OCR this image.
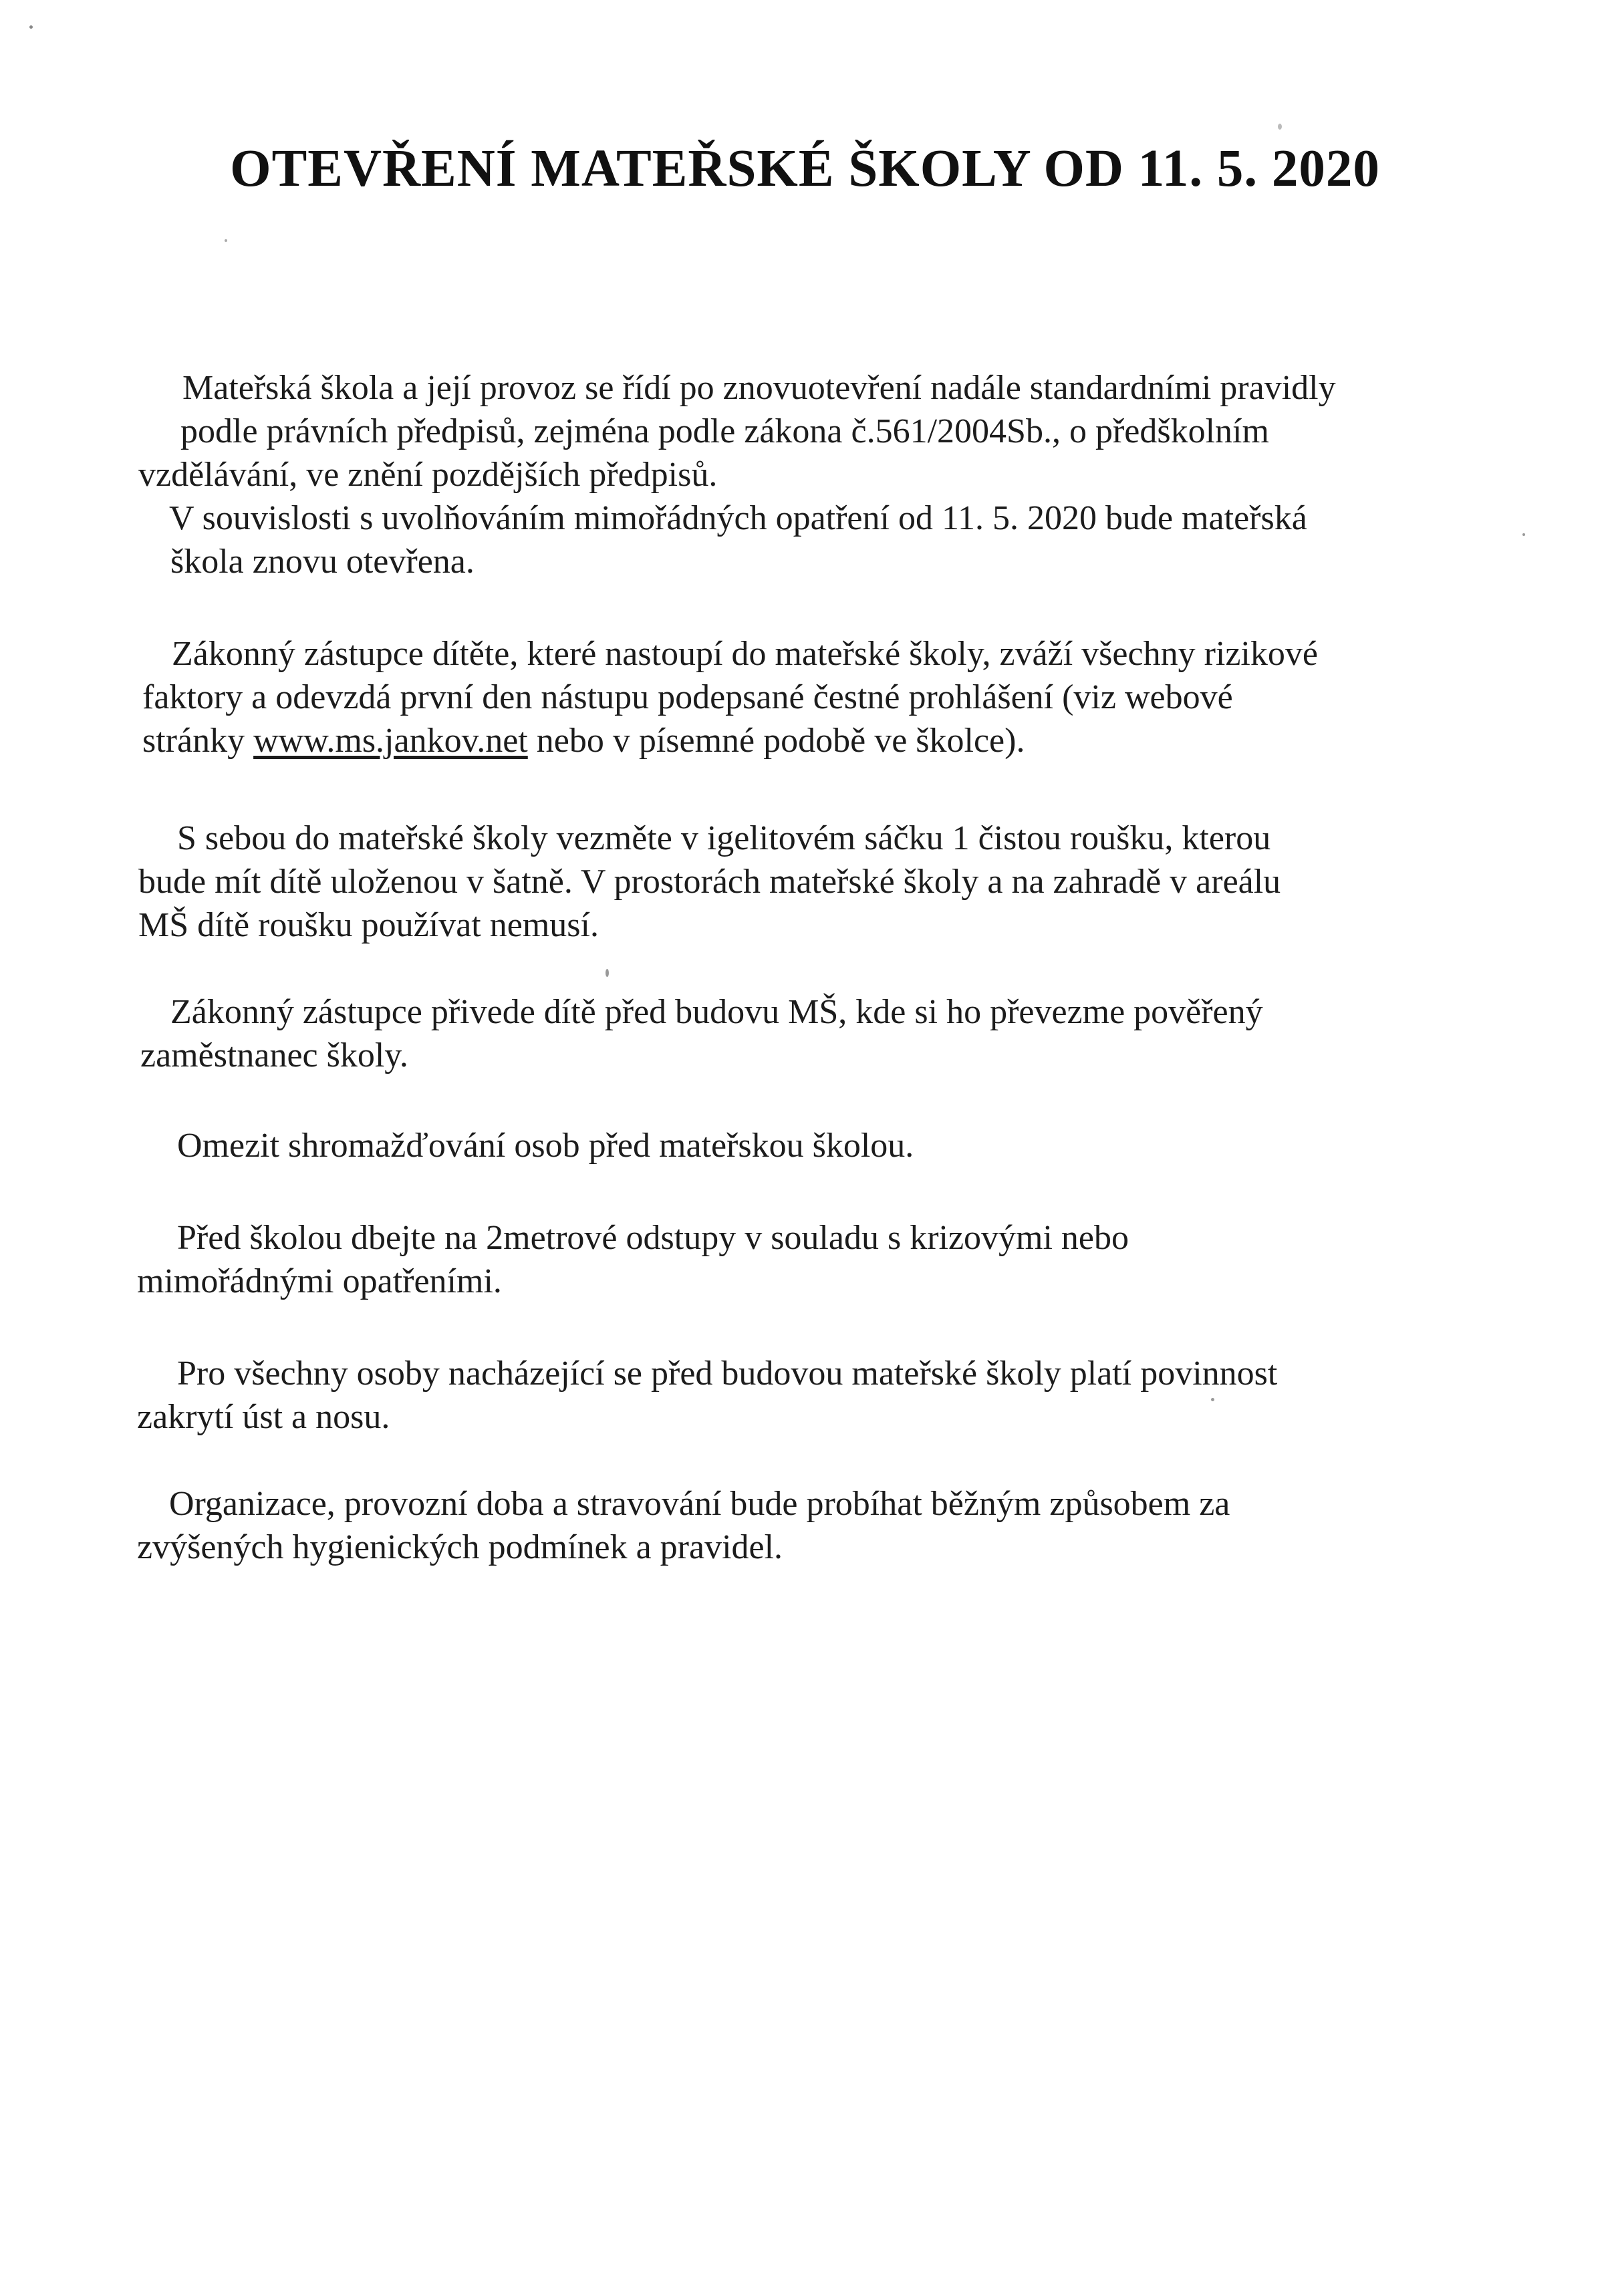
OTEVŘENÍ MATEŘSKÉ ŠKOLY OD 11. 5. 2020

Mateřská škola a její provoz se řídí po znovuotevření nadále standardními pravidly
podle právních předpisů, zejména podle zákona č.561/2004Sb., o předškolním
vzdělávání, ve znění pozdějších předpisů.
V souvislosti s uvolňováním mimořádných opatření od 11. 5. 2020 bude mateřská
škola znovu otevřena.

Zákonný zástupce dítěte, které nastoupí do mateřské školy, zváží všechny rizikové
faktory a odevzdá první den nástupu podepsané čestné prohlášení (viz webové
stránky www.ms.jankov.net nebo v písemné podobě ve školce).

S sebou do mateřské školy vezměte v igelitovém sáčku 1 čistou roušku, kterou
bude mít dítě uloženou v šatně. V prostorách mateřské školy a na zahradě v areálu
MŠ dítě roušku používat nemusí.

Zákonný zástupce přivede dítě před budovu MŠ, kde si ho převezme pověřený
zaměstnanec školy.

Omezit shromažďování osob před mateřskou školou.

Před školou dbejte na 2metrové odstupy v souladu s krizovými nebo
mimořádnými opatřeními.

Pro všechny osoby nacházející se před budovou mateřské školy platí povinnost
zakrytí úst a nosu.

Organizace, provozní doba a stravování bude probíhat běžným způsobem za
zvýšených hygienických podmínek a pravidel.
